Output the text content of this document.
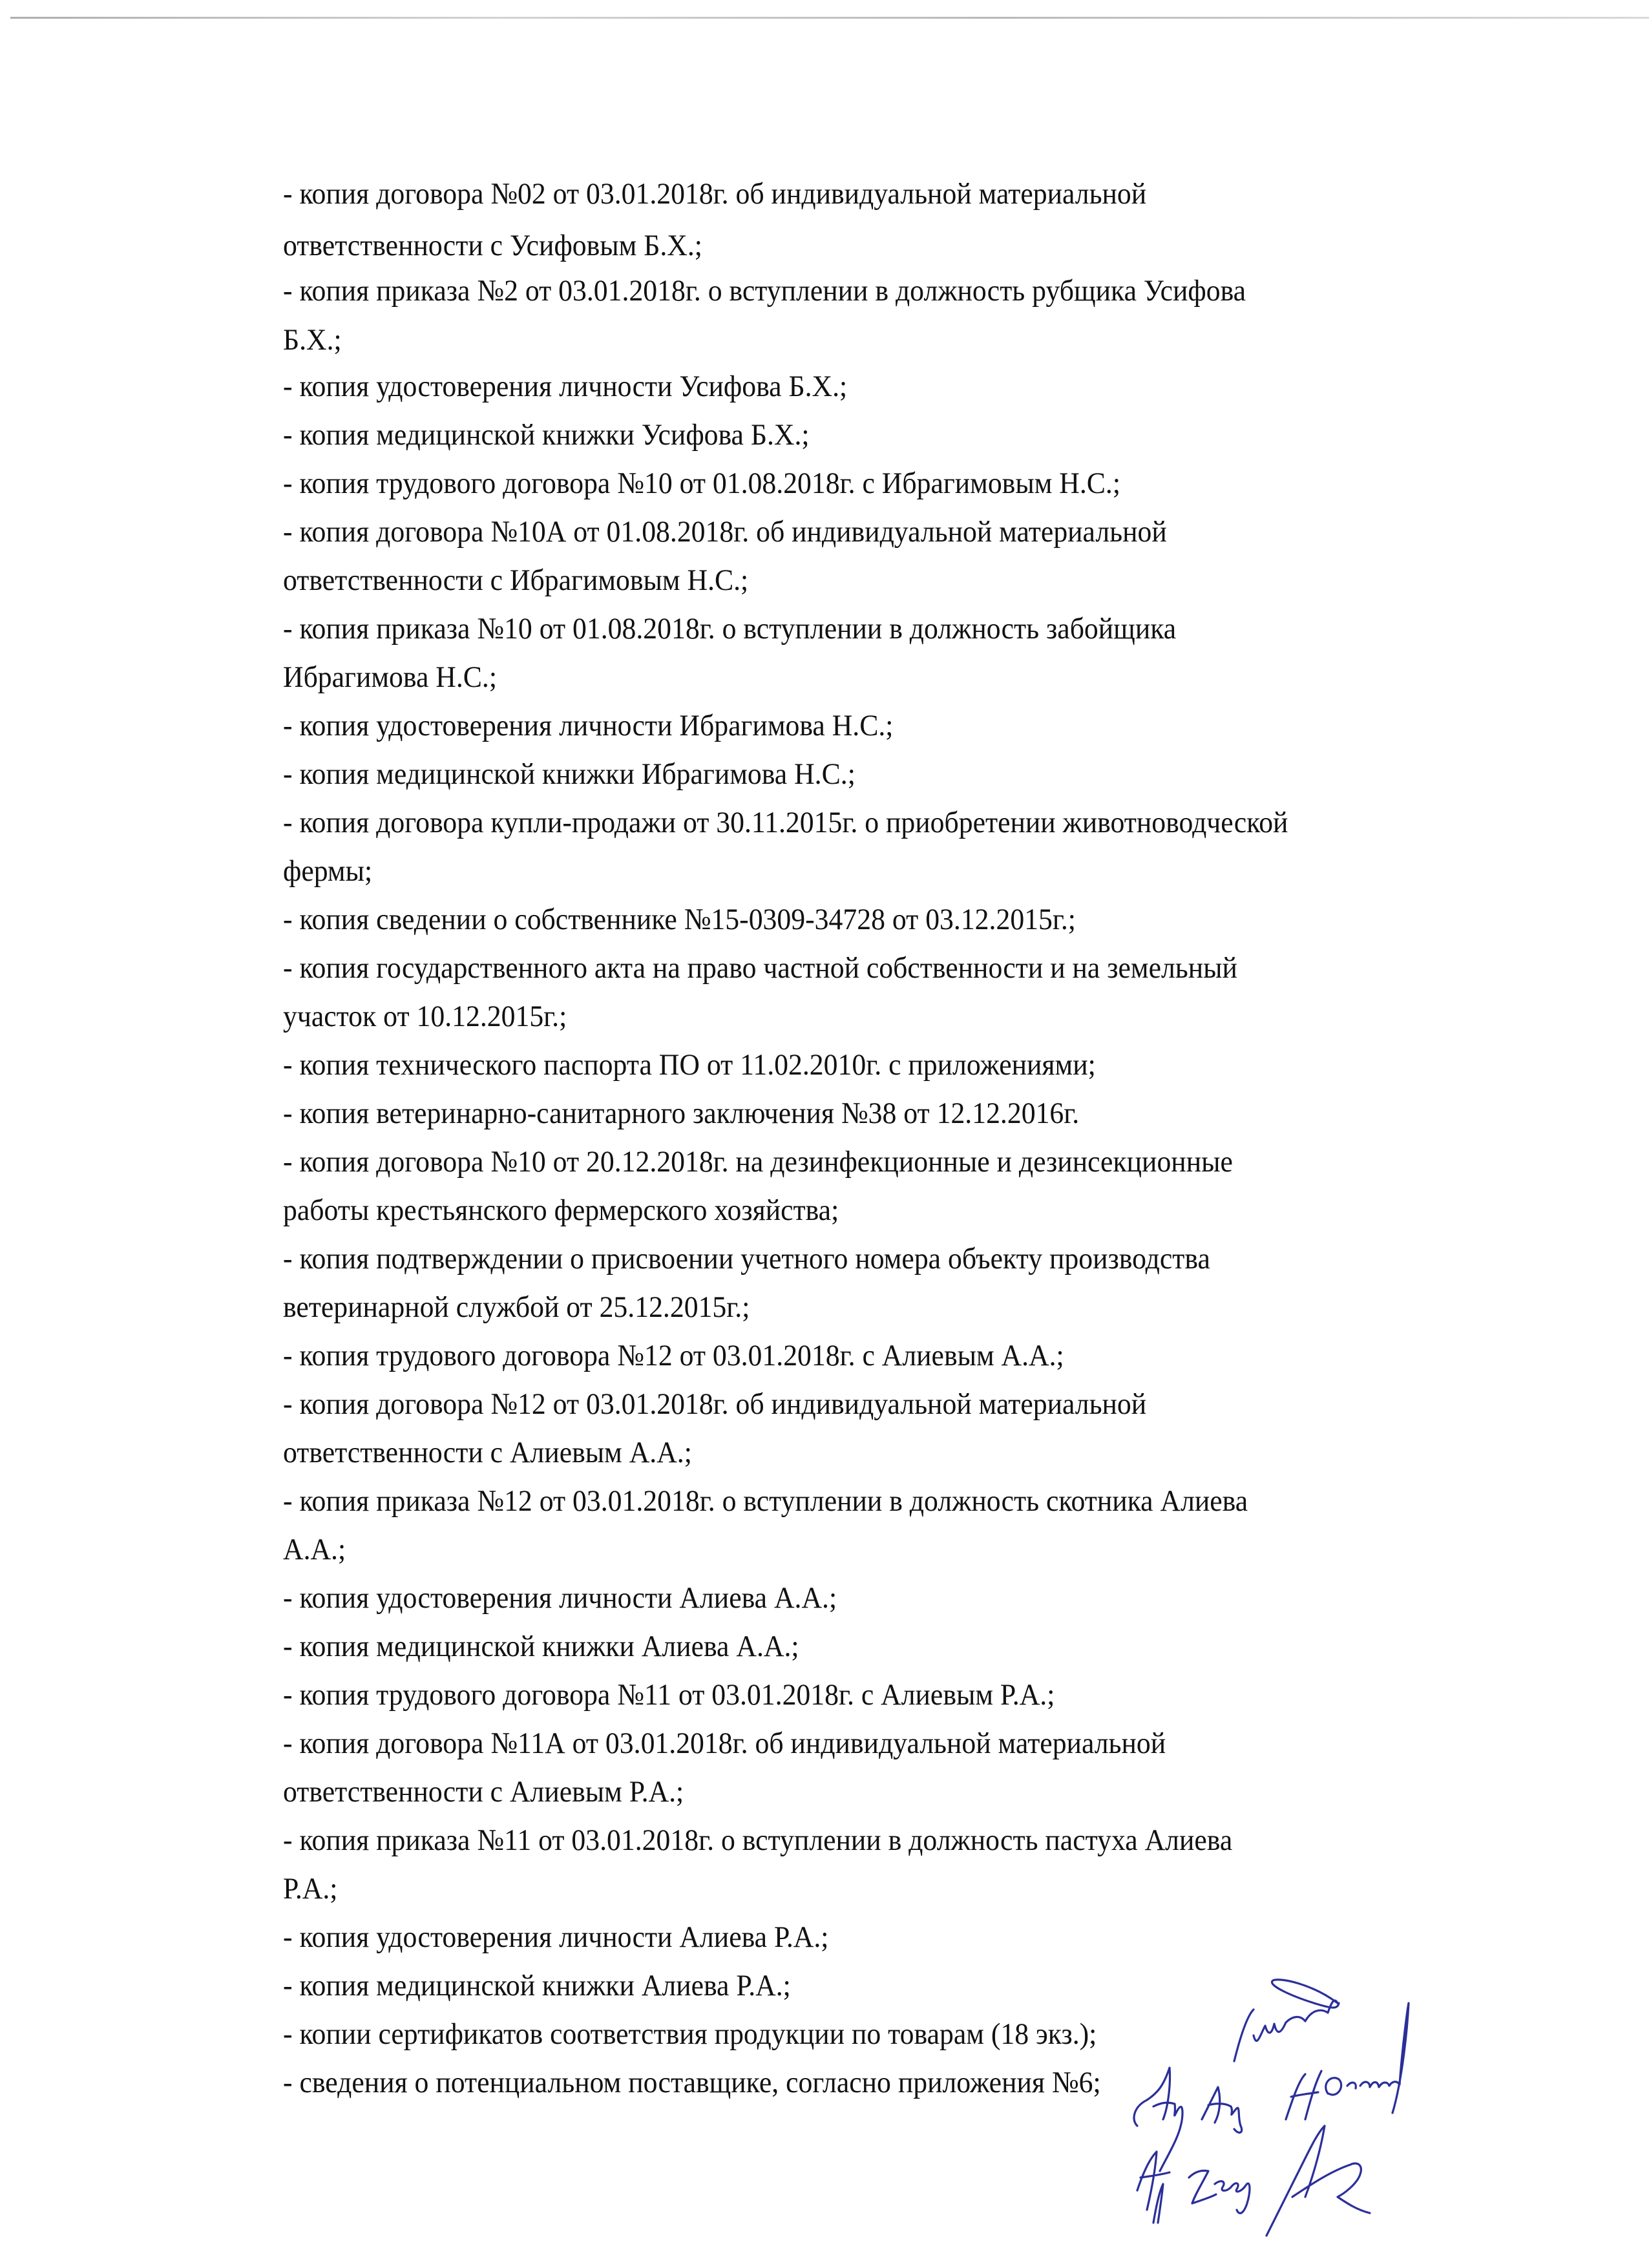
- копия договора №02 от 03.01.2018г. об индивидуальной материальной
ответственности с Усифовым Б.Х.;
- копия приказа №2 от 03.01.2018г. о вступлении в должность рубщика Усифова
Б.Х.;
- копия удостоверения личности Усифова Б.Х.;
- копия медицинской книжки Усифова Б.Х.;
- копия трудового договора №10 от 01.08.2018г. с Ибрагимовым Н.С.;
- копия договора №10А от 01.08.2018г. об индивидуальной материальной
ответственности с Ибрагимовым Н.С.;
- копия приказа №10 от 01.08.2018г. о вступлении в должность забойщика
Ибрагимова Н.С.;
- копия удостоверения личности Ибрагимова Н.С.;
- копия медицинской книжки Ибрагимова Н.С.;
- копия договора купли-продажи от 30.11.2015г. о приобретении животноводческой
фермы;
- копия сведении о собственнике №15-0309-34728 от 03.12.2015г.;
- копия государственного акта на право частной собственности и на земельный
участок от 10.12.2015г.;
- копия технического паспорта ПО от 11.02.2010г. с приложениями;
- копия ветеринарно-санитарного заключения №38 от 12.12.2016г.
- копия договора №10 от 20.12.2018г. на дезинфекционные и дезинсекционные
работы крестьянского фермерского хозяйства;
- копия подтверждении о присвоении учетного номера объекту производства
ветеринарной службой от 25.12.2015г.;
- копия трудового договора №12 от 03.01.2018г. с Алиевым А.А.;
- копия договора №12 от 03.01.2018г. об индивидуальной материальной
ответственности с Алиевым А.А.;
- копия приказа №12 от 03.01.2018г. о вступлении в должность скотника Алиева
А.А.;
- копия удостоверения личности Алиева А.А.;
- копия медицинской книжки Алиева А.А.;
- копия трудового договора №11 от 03.01.2018г. с Алиевым Р.А.;
- копия договора №11А от 03.01.2018г. об индивидуальной материальной
ответственности с Алиевым Р.А.;
- копия приказа №11 от 03.01.2018г. о вступлении в должность пастуха Алиева
Р.А.;
- копия удостоверения личности Алиева Р.А.;
- копия медицинской книжки Алиева Р.А.;
- копии сертификатов соответствия продукции по товарам (18 экз.);
- сведения о потенциальном поставщике, согласно приложения №6;
